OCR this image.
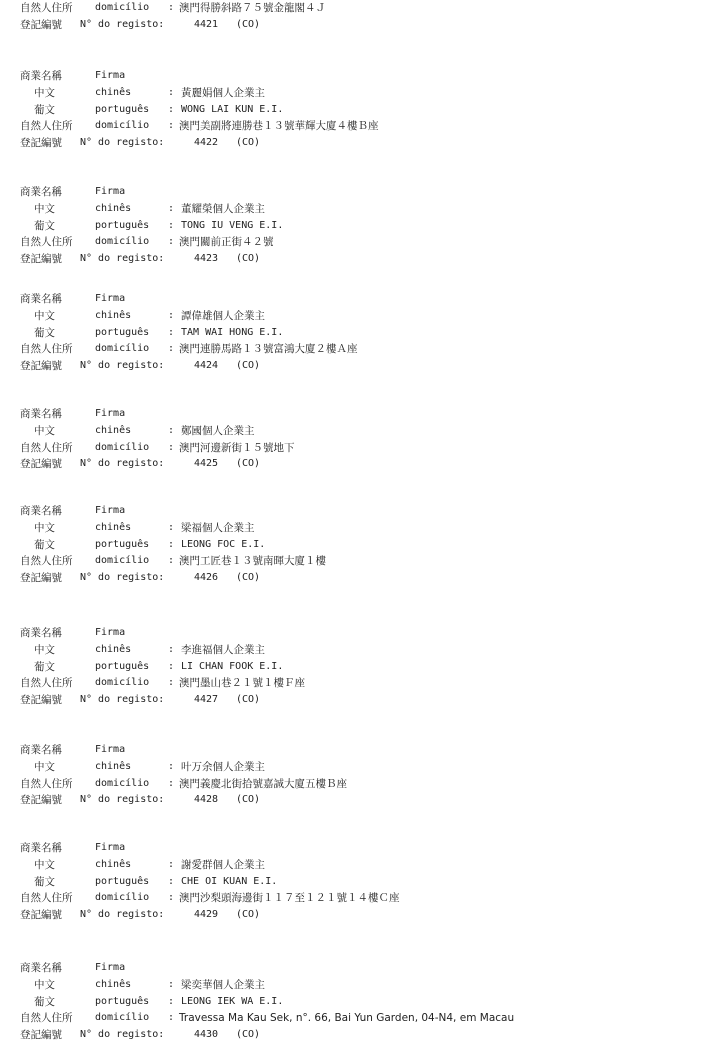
自然人住所 domicílio : 澳門得勝斜路７５號金龍閣４Ｊ
登記編號 N° do registo:	4421 (CO)
商業名稱	Firma
中文	chinês	: 黃麗娟個人企業主
葡文	português : WONG LAI KUN E.I.
自然人住所 domicílio : 澳門美副將連勝巷１３號華輝大廈４樓Ｂ座
登記編號 N° do registo:	4422 (CO)
商業名稱	Firma
中文	chinês	: 董耀榮個人企業主
葡文	português : TONG IU VENG E.I.
自然人住所 domicílio : 澳門關前正街４２號
登記編號 N° do registo:	4423 (CO)
商業名稱	Firma
中文	chinês	: 譚偉雄個人企業主
葡文	português : TAM WAI HONG E.I.
自然人住所 domicílio : 澳門連勝馬路１３號富鴻大廈２樓Ａ座
登記編號 N° do registo:	4424 (CO)
商業名稱	Firma
中文	chinês	: 鄭國個人企業主
自然人住所 domicílio : 澳門河邊新街１５號地下
登記編號 N° do registo:	4425 (CO)
商業名稱	Firma
中文	chinês	: 梁福個人企業主
葡文	português : LEONG FOC E.I.
自然人住所 domicílio : 澳門工匠巷１３號南暉大廈１樓
登記編號 N° do registo:	4426 (CO)
商業名稱	Firma
中文	chinês	: 李進福個人企業主
葡文	português : LI CHAN FOOK E.I.
自然人住所 domicílio : 澳門墨山巷２１號１樓Ｆ座
登記編號 N° do registo:	4427 (CO)
商業名稱	Firma
中文	chinês	: 叶万余個人企業主
自然人住所 domicílio : 澳門義慶北街拾號嘉誠大廈五樓Ｂ座
登記編號 N° do registo:	4428 (CO)
商業名稱	Firma
中文	chinês	: 謝愛群個人企業主
葡文	português : CHE OI KUAN E.I.
自然人住所 domicílio : 澳門沙梨頭海邊街１１７至１２１號１４樓Ｃ座
登記編號 N° do registo:	4429 (CO)
商業名稱	Firma
中文	chinês	: 梁奕華個人企業主
葡文	português : LEONG IEK WA E.I.
自然人住所 domicílio : Travessa Ma Kau Sek, n°. 66, Bai Yun Garden, 04-N4, em Macau
登記編號 N° do registo:	4430 (CO)
